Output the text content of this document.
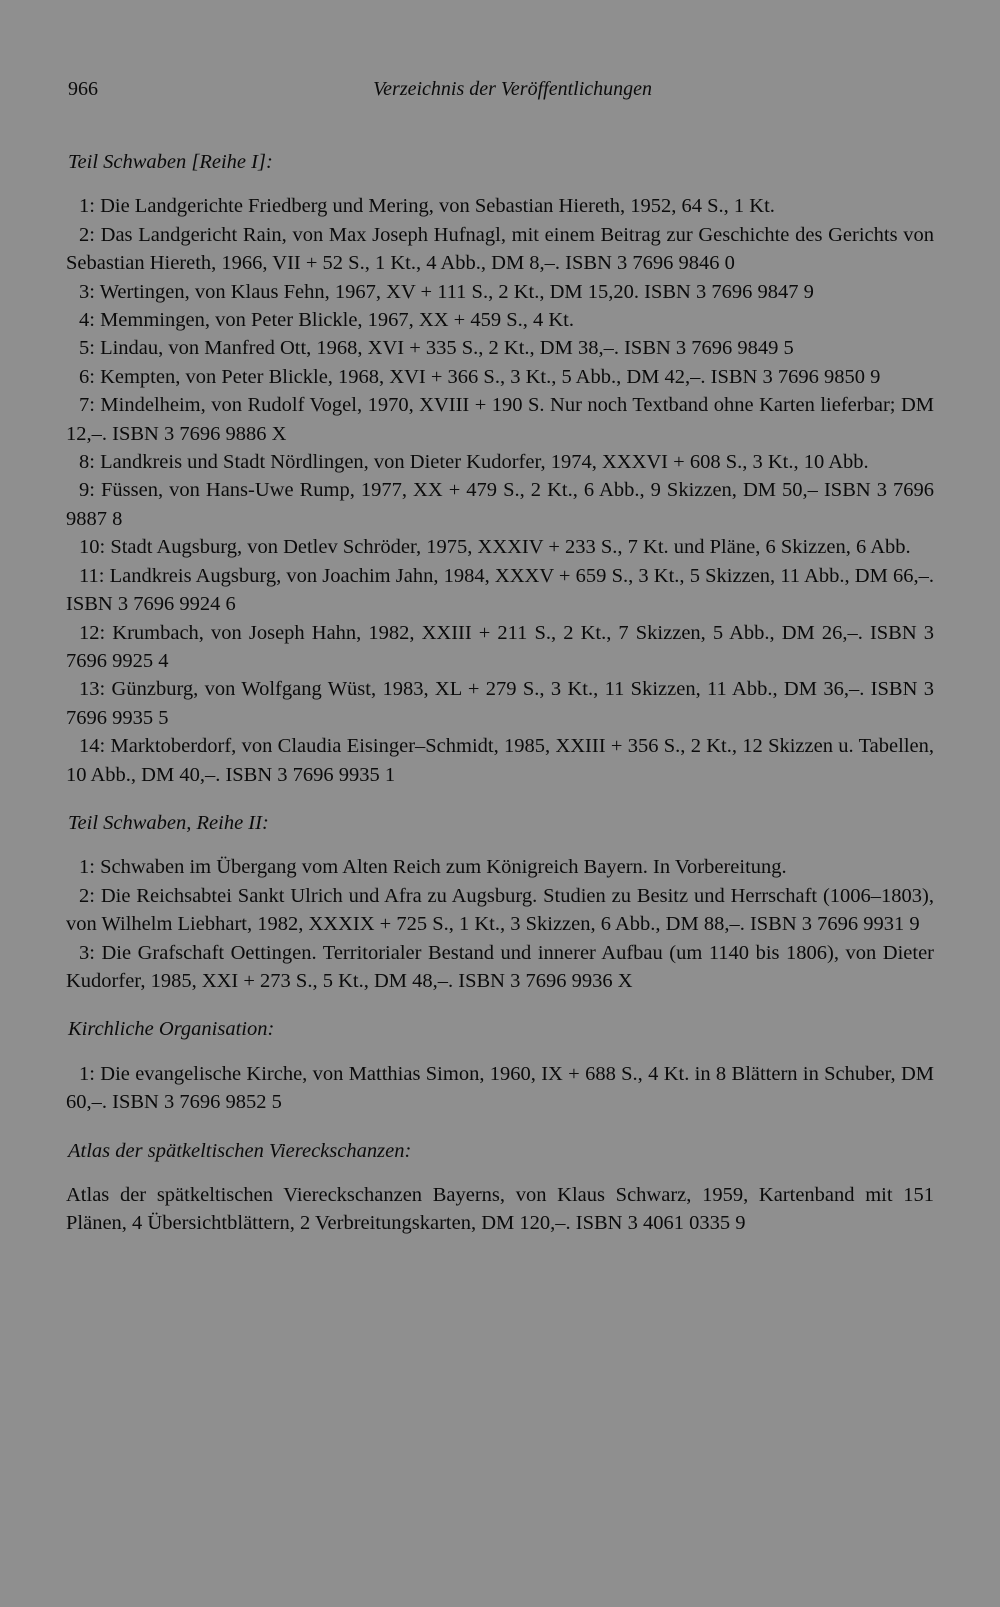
966	Verzeichnis der Veröffentlichungen
Teil Schwaben [Reihe I]:

1: Die Landgerichte Friedberg und Mering, von Sebastian Hiereth, 1952, 64 S., 1 Kt.

2: Das Landgericht Rain, von Max Joseph Hufnagl, mit einem Beitrag zur Geschichte des Gerichts von Sebastian Hiereth, 1966, VII + 52 S., 1 Kt., 4 Abb., DM 8,–. ISBN 3 7696 9846 0

3: Wertingen, von Klaus Fehn, 1967, XV + 111 S., 2 Kt., DM 15,20. ISBN 3 7696 9847 9

4: Memmingen, von Peter Blickle, 1967, XX + 459 S., 4 Kt.

5: Lindau, von Manfred Ott, 1968, XVI + 335 S., 2 Kt., DM 38,–. ISBN 3 7696 9849 5

6: Kempten, von Peter Blickle, 1968, XVI + 366 S., 3 Kt., 5 Abb., DM 42,–. ISBN 3 7696 9850 9

7: Mindelheim, von Rudolf Vogel, 1970, XVIII + 190 S. Nur noch Textband ohne Karten lieferbar; DM 12,–. ISBN 3 7696 9886 X

8: Landkreis und Stadt Nördlingen, von Dieter Kudorfer, 1974, XXXVI + 608 S., 3 Kt., 10 Abb.

9: Füssen, von Hans-Uwe Rump, 1977, XX + 479 S., 2 Kt., 6 Abb., 9 Skizzen, DM 50,– ISBN 3 7696 9887 8

10: Stadt Augsburg, von Detlev Schröder, 1975, XXXIV + 233 S., 7 Kt. und Pläne, 6 Skizzen, 6 Abb.

11: Landkreis Augsburg, von Joachim Jahn, 1984, XXXV + 659 S., 3 Kt., 5 Skizzen, 11 Abb., DM 66,–. ISBN 3 7696 9924 6

12: Krumbach, von Joseph Hahn, 1982, XXIII + 211 S., 2 Kt., 7 Skizzen, 5 Abb., DM 26,–. ISBN 3 7696 9925 4

13: Günzburg, von Wolfgang Wüst, 1983, XL + 279 S., 3 Kt., 11 Skizzen, 11 Abb., DM 36,–. ISBN 3 7696 9935 5

14: Marktoberdorf, von Claudia Eisinger–Schmidt, 1985, XXIII + 356 S., 2 Kt., 12 Skizzen u. Tabellen, 10 Abb., DM 40,–. ISBN 3 7696 9935 1

Teil Schwaben, Reihe II:

1: Schwaben im Übergang vom Alten Reich zum Königreich Bayern. In Vorbereitung.

2: Die Reichsabtei Sankt Ulrich und Afra zu Augsburg. Studien zu Besitz und Herrschaft (1006–1803), von Wilhelm Liebhart, 1982, XXXIX + 725 S., 1 Kt., 3 Skizzen, 6 Abb., DM 88,–. ISBN 3 7696 9931 9

3: Die Grafschaft Oettingen. Territorialer Bestand und innerer Aufbau (um 1140 bis 1806), von Dieter Kudorfer, 1985, XXI + 273 S., 5 Kt., DM 48,–. ISBN 3 7696 9936 X

Kirchliche Organisation:

1: Die evangelische Kirche, von Matthias Simon, 1960, IX + 688 S., 4 Kt. in 8 Blättern in Schuber, DM 60,–. ISBN 3 7696 9852 5

Atlas der spätkeltischen Viereckschanzen:

Atlas der spätkeltischen Viereckschanzen Bayerns, von Klaus Schwarz, 1959, Kartenband mit 151 Plänen, 4 Übersichtblättern, 2 Verbreitungskarten, DM 120,–. ISBN 3 4061 0335 9
